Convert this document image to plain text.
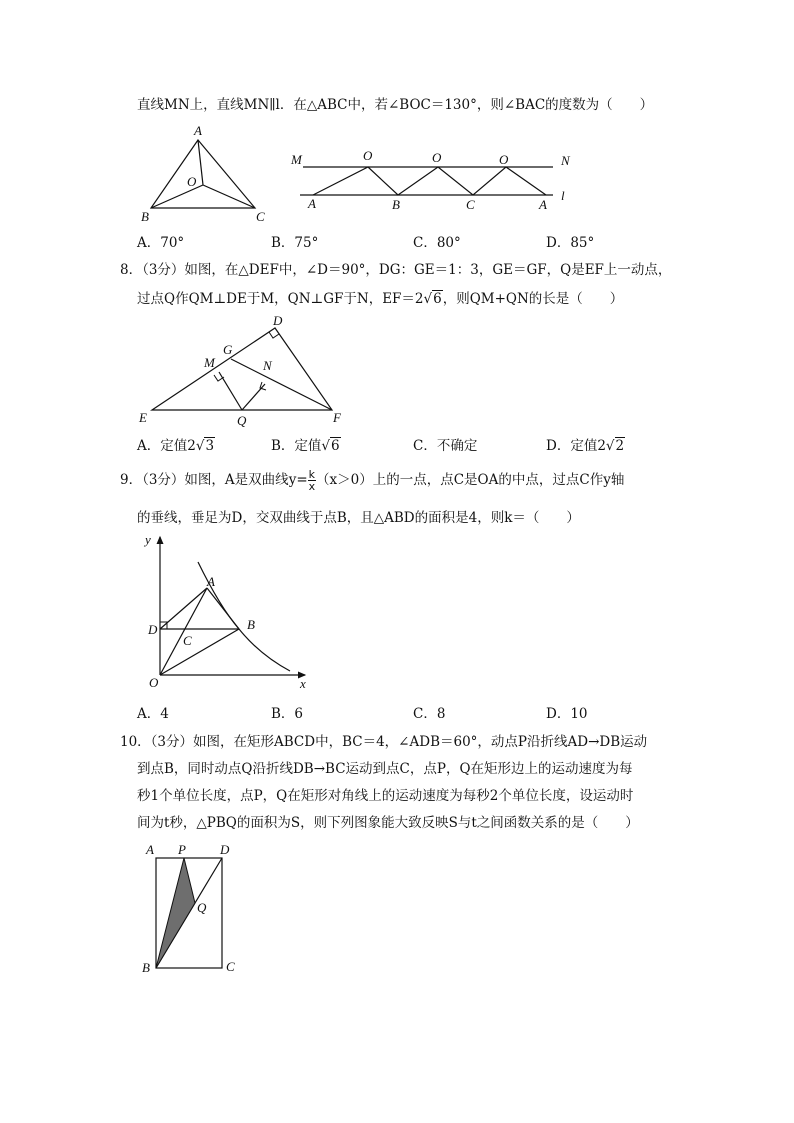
直线MN上，直线MN∥l．在△ABC中，若∠BOC＝130°，则∠BAC的度数为（　　）
A
O
B	C
M	N
O	O	O
l
A	B	C	A
A．70°	B．75°	C．80°	D．85°
8．（3分）如图，在△DEF中，∠D＝90°，DG：GE＝1：3，GE＝GF，Q是EF上一动点，
过点Q作QM⊥DE于M，QN⊥GF于N，EF＝2√6，则QM+QN的长是（　　）
D
G
M	N
E	Q	F
A．定值2√3	B．定值√6	C．不确定	D．定值2√2
9．（3分）如图，A是双曲线$y= \frac{k}{x} (x>0)$上的一点，点C是OA的中点，过点C作y轴
的垂线，垂足为D，交双曲线于点B，且△ABD的面积是4，则k＝（　　）
y
A
D
C
B
O	x
A．4	B．6	C．8	D．10
10．（3分）如图，在矩形ABCD中，BC＝4，∠ADB＝60°，动点P沿折线AD→DB运动
到点B，同时动点Q沿折线DB→BC运动到点C，点P，Q在矩形边上的运动速度为每
秒1个单位长度，点P，Q在矩形对角线上的运动速度为每秒2个单位长度，设运动时
间为t秒，△PBQ的面积为S，则下列图象能大致反映S与t之间函数关系的是（　　）
A P	D
Q
B	C
